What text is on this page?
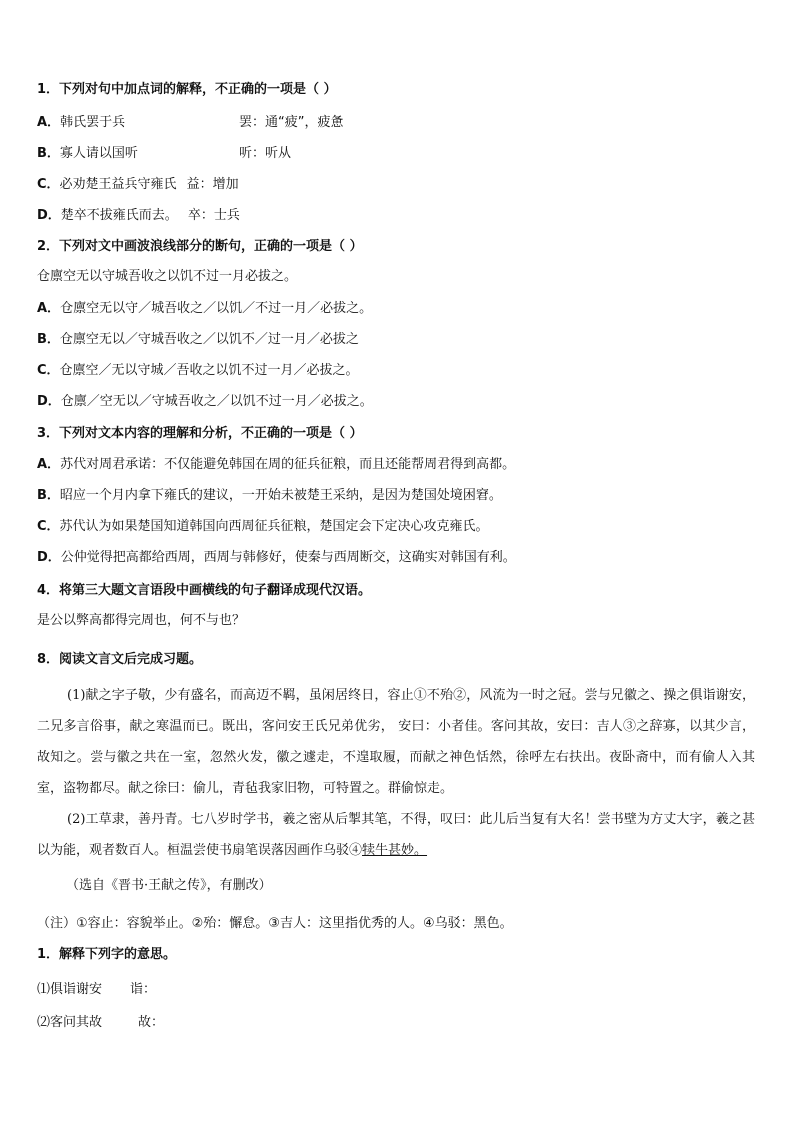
1．下列对句中加点词的解释，不正确的一项是（ ）
A．韩氏罢于兵	罢：通“疲”，疲惫
B．寡人请以国听	听：听从
C．必劝楚王益兵守雍氏 益：增加
D．楚卒不拔雍氏而去。 卒：士兵
2．下列对文中画波浪线部分的断句，正确的一项是（ ）
仓廪空无以守城吾收之以饥不过一月必拔之。
A．仓廪空无以守／城吾收之／以饥／不过一月／必拔之。
B．仓廪空无以／守城吾收之／以饥不／过一月／必拔之
C．仓廪空／无以守城／吾收之以饥不过一月／必拔之。
D．仓廪／空无以／守城吾收之／以饥不过一月／必拔之。
3．下列对文本内容的理解和分析，不正确的一项是（ ）
A．苏代对周君承诺：不仅能避免韩国在周的征兵征粮，而且还能帮周君得到高都。
B．昭应一个月内拿下雍氏的建议，一开始未被楚王采纳，是因为楚国处境困窘。
C．苏代认为如果楚国知道韩国向西周征兵征粮，楚国定会下定决心攻克雍氏。
D．公仲觉得把高都给西周，西周与韩修好，使秦与西周断交，这确实对韩国有利。
4．将第三大题文言语段中画横线的句子翻译成现代汉语。
是公以弊高都得完周也，何不与也？
8．阅读文言文后完成习题。

(1)献之字子敬，少有盛名，而高迈不羁，虽闲居终日，容止①不殆②，风流为一时之冠。尝与兄徽之、操之俱诣谢安，二兄多言俗事，献之寒温而已。既出，客问安王氏兄弟优劣， 安曰：小者佳。客问其故，安曰：吉人③之辞寡，以其少言，故知之。尝与徽之共在一室，忽然火发，徽之遽走，不遑取履，而献之神色恬然，徐呼左右扶出。夜卧斋中，而有偷人入其室，盗物都尽。献之徐曰：偷儿，青毡我家旧物，可特置之。群偷惊走。

(2)工草隶，善丹青。七八岁时学书，羲之密从后掣其笔，不得，叹曰：此儿后当复有大名！尝书壁为方丈大字，羲之甚以为能，观者数百人。桓温尝使书扇笔误落因画作乌驳④犊牛甚妙。

（选自《晋书·王献之传》，有删改）
（注）①容止：容貌举止。②殆：懈怠。③吉人：这里指优秀的人。④乌驳：黑色。
1．解释下列字的意思。
⑴俱诣谢安 诣：
⑵客问其故	故：
